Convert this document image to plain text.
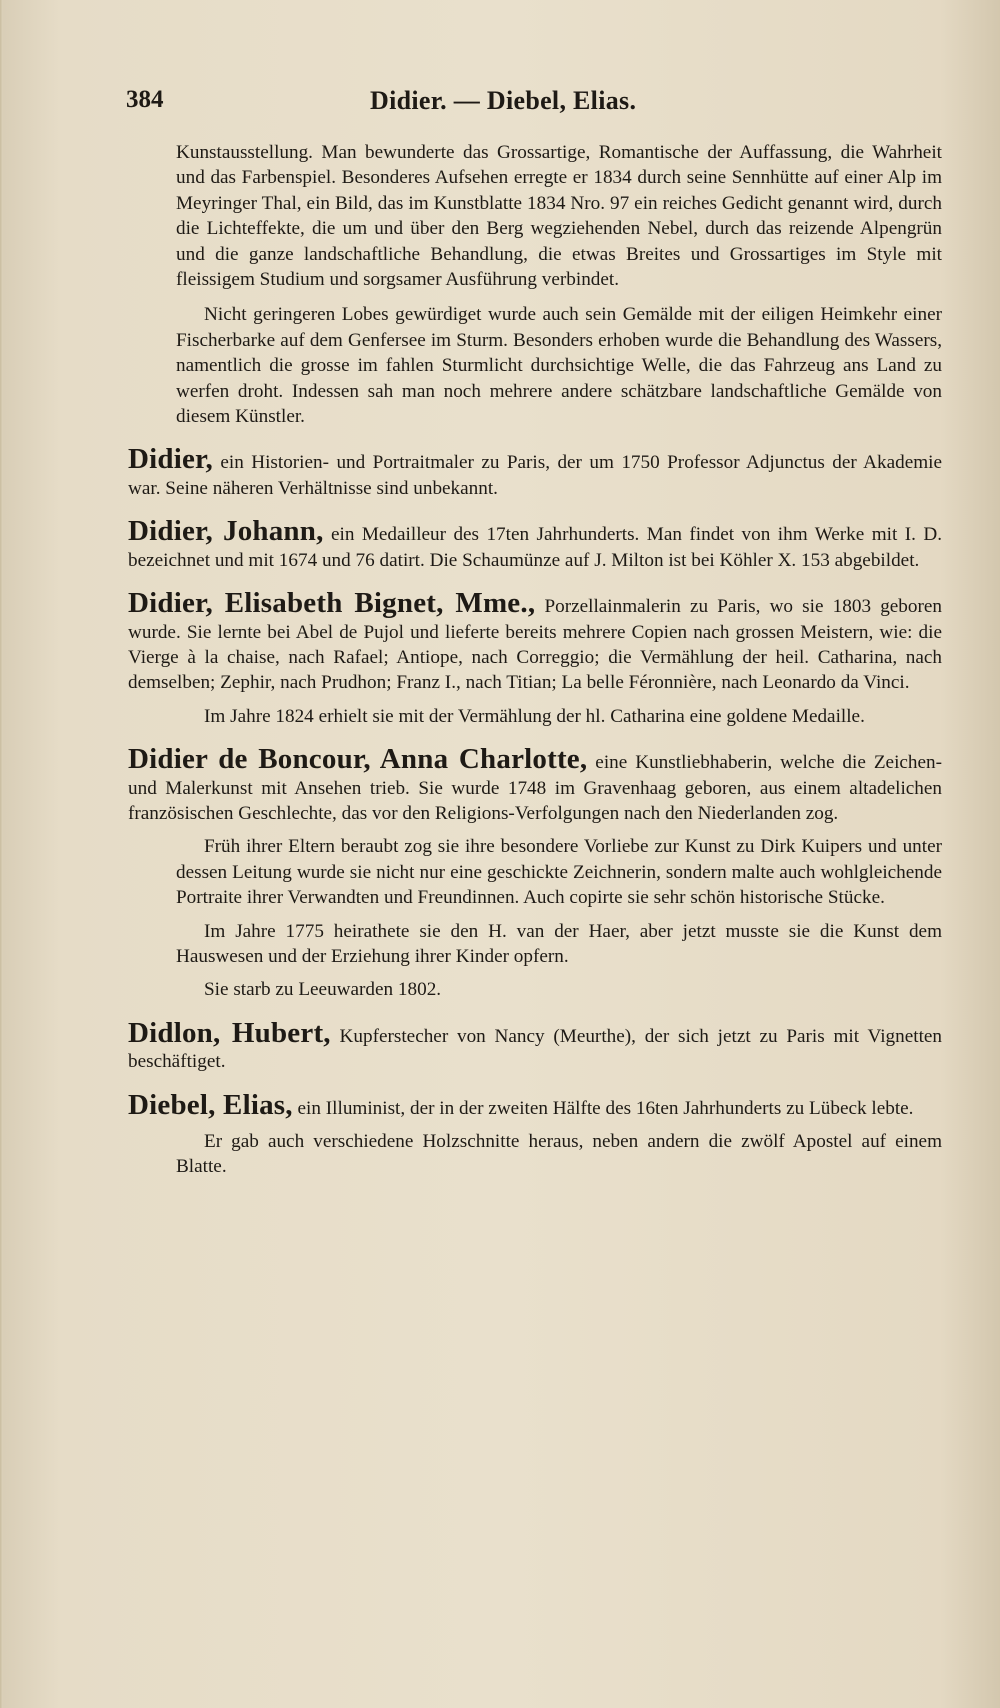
384	Didier. — Diebel, Elias.

Kunstausstellung. Man bewunderte das Grossartige, Romantische der Auffassung, die Wahrheit und das Farbenspiel. Besonderes Aufsehen erregte er 1834 durch seine Sennhütte auf einer Alp im Meyringer Thal, ein Bild, das im Kunstblatte 1834 Nro. 97 ein reiches Gedicht genannt wird, durch die Lichteffekte, die um und über den Berg wegziehenden Nebel, durch das reizende Alpengrün und die ganze landschaftliche Behandlung, die etwas Breites und Grossartiges im Style mit fleissigem Studium und sorgsamer Ausführung verbindet.

Nicht geringeren Lobes gewürdiget wurde auch sein Gemälde mit der eiligen Heimkehr einer Fischerbarke auf dem Genfersee im Sturm. Besonders erhoben wurde die Behandlung des Wassers, namentlich die grosse im fahlen Sturmlicht durchsichtige Welle, die das Fahrzeug ans Land zu werfen droht. Indessen sah man noch mehrere andere schätzbare landschaftliche Gemälde von diesem Künstler.

Didier, ein Historien- und Portraitmaler zu Paris, der um 1750 Professor Adjunctus der Akademie war. Seine näheren Verhältnisse sind unbekannt.

Didier, Johann, ein Medailleur des 17ten Jahrhunderts. Man findet von ihm Werke mit I. D. bezeichnet und mit 1674 und 76 datirt. Die Schaumünze auf J. Milton ist bei Köhler X. 153 abgebildet.

Didier, Elisabeth Bignet, Mme., Porzellainmalerin zu Paris, wo sie 1803 geboren wurde. Sie lernte bei Abel de Pujol und lieferte bereits mehrere Copien nach grossen Meistern, wie: die Vierge à la chaise, nach Rafael; Antiope, nach Correggio; die Vermählung der heil. Catharina, nach demselben; Zephir, nach Prudhon; Franz I., nach Titian; La belle Féronnière, nach Leonardo da Vinci.

Im Jahre 1824 erhielt sie mit der Vermählung der hl. Catharina eine goldene Medaille.

Didier de Boncour, Anna Charlotte, eine Kunstliebhaberin, welche die Zeichen- und Malerkunst mit Ansehen trieb. Sie wurde 1748 im Gravenhaag geboren, aus einem altadelichen französischen Geschlechte, das vor den Religions-Verfolgungen nach den Niederlanden zog.

Früh ihrer Eltern beraubt zog sie ihre besondere Vorliebe zur Kunst zu Dirk Kuipers und unter dessen Leitung wurde sie nicht nur eine geschickte Zeichnerin, sondern malte auch wohlgleichende Portraite ihrer Verwandten und Freundinnen. Auch copirte sie sehr schön historische Stücke.

Im Jahre 1775 heirathete sie den H. van der Haer, aber jetzt musste sie die Kunst dem Hauswesen und der Erziehung ihrer Kinder opfern.

Sie starb zu Leeuwarden 1802.

Didlon, Hubert, Kupferstecher von Nancy (Meurthe), der sich jetzt zu Paris mit Vignetten beschäftiget.

Diebel, Elias, ein Illuminist, der in der zweiten Hälfte des 16ten Jahrhunderts zu Lübeck lebte.

Er gab auch verschiedene Holzschnitte heraus, neben andern die zwölf Apostel auf einem Blatte.
